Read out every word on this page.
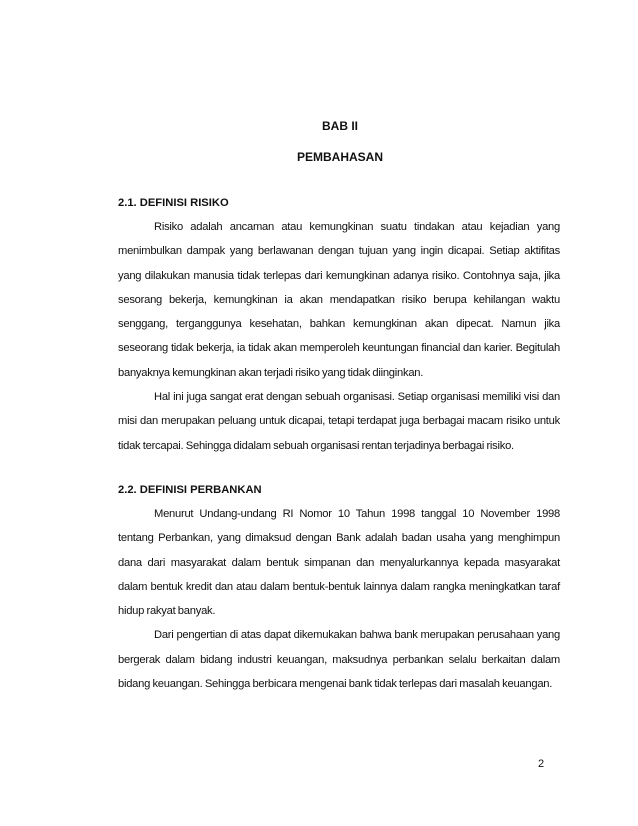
BAB II

PEMBAHASAN

2.1. DEFINISI RISIKO

Risiko adalah ancaman atau kemungkinan suatu tindakan atau kejadian yang menimbulkan dampak yang berlawanan dengan tujuan yang ingin dicapai. Setiap aktifitas yang dilakukan manusia tidak terlepas dari kemungkinan adanya risiko. Contohnya saja, jika sesorang bekerja, kemungkinan ia akan mendapatkan risiko berupa kehilangan waktu senggang, terganggunya kesehatan, bahkan kemungkinan akan dipecat. Namun jika seseorang tidak bekerja, ia tidak akan memperoleh keuntungan financial dan karier. Begitulah banyaknya kemungkinan akan terjadi risiko yang tidak diinginkan.

Hal ini juga sangat erat dengan sebuah organisasi. Setiap organisasi memiliki visi dan misi dan merupakan peluang untuk dicapai, tetapi terdapat juga berbagai macam risiko untuk tidak tercapai. Sehingga didalam sebuah organisasi rentan terjadinya berbagai risiko.

2.2. DEFINISI PERBANKAN

Menurut Undang-undang RI Nomor 10 Tahun 1998 tanggal 10 November 1998 tentang Perbankan, yang dimaksud dengan Bank adalah badan usaha yang menghimpun dana dari masyarakat dalam bentuk simpanan dan menyalurkannya kepada masyarakat dalam bentuk kredit dan atau dalam bentuk-bentuk lainnya dalam rangka meningkatkan taraf hidup rakyat banyak.

Dari pengertian di atas dapat dikemukakan bahwa bank merupakan perusahaan yang bergerak dalam bidang industri keuangan, maksudnya perbankan selalu berkaitan dalam bidang keuangan. Sehingga berbicara mengenai bank tidak terlepas dari masalah keuangan.

2
